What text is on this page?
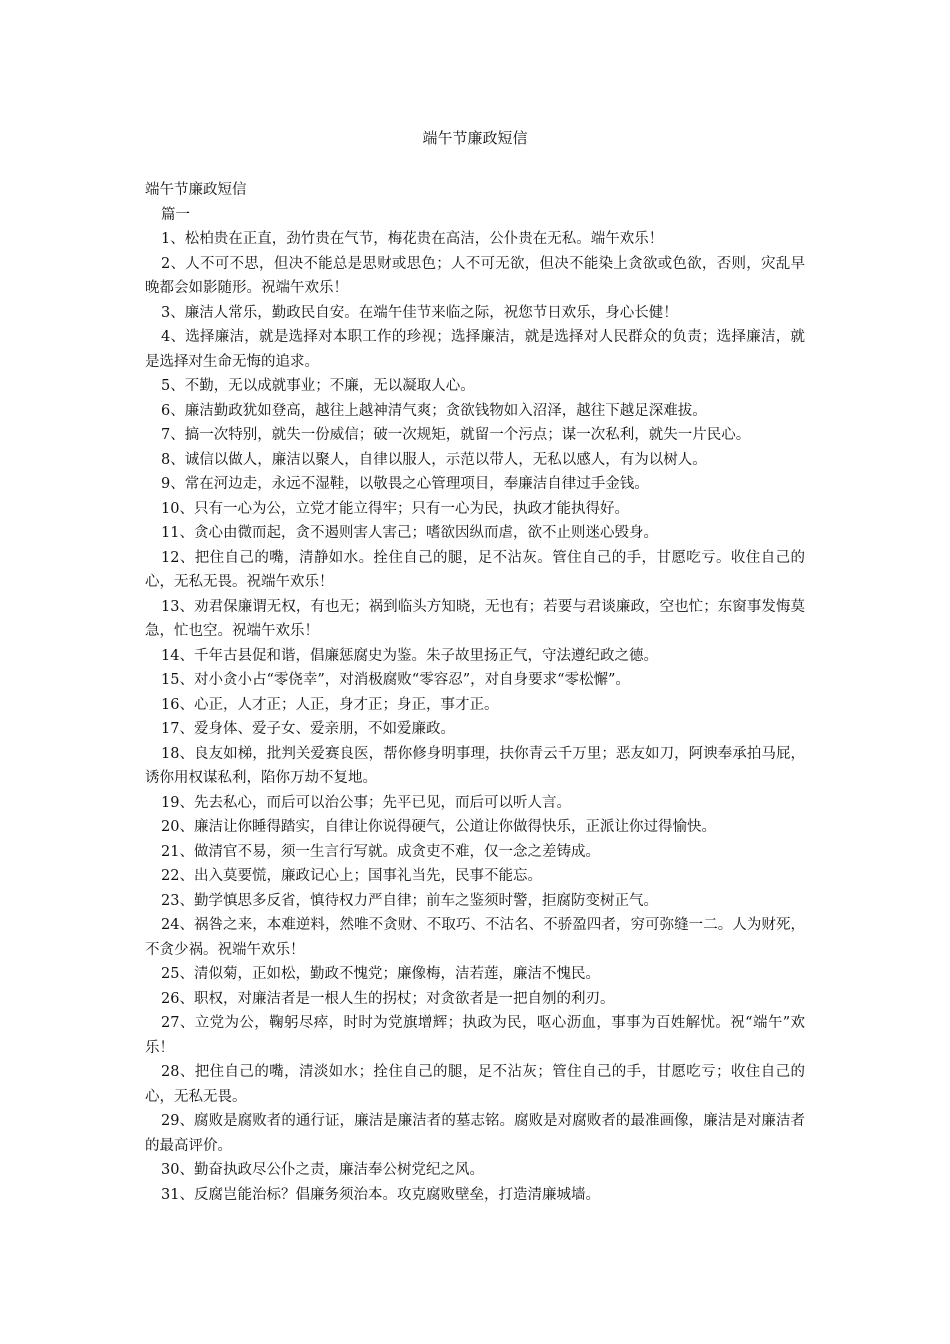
端午节廉政短信

端午节廉政短信

篇一

1、松柏贵在正直，劲竹贵在气节，梅花贵在高洁，公仆贵在无私。端午欢乐！

2、人不可不思，但决不能总是思财或思色；人不可无欲，但决不能染上贪欲或色欲，否则，灾乱早晚都会如影随形。祝端午欢乐！

3、廉洁人常乐，勤政民自安。在端午佳节来临之际，祝您节日欢乐，身心长健！

4、选择廉洁，就是选择对本职工作的珍视；选择廉洁，就是选择对人民群众的负责；选择廉洁，就是选择对生命无悔的追求。

5、不勤，无以成就事业；不廉，无以凝取人心。

6、廉洁勤政犹如登高，越往上越神清气爽；贪欲钱物如入沼泽，越往下越足深难拔。

7、搞一次特别，就失一份威信；破一次规矩，就留一个污点；谋一次私利，就失一片民心。

8、诚信以做人，廉洁以聚人，自律以服人，示范以带人，无私以感人，有为以树人。

9、常在河边走，永远不湿鞋，以敬畏之心管理项目，奉廉洁自律过手金钱。

10、只有一心为公，立党才能立得牢；只有一心为民，执政才能执得好。

11、贪心由微而起，贪不遏则害人害己；嗜欲因纵而虐，欲不止则迷心毁身。

12、把住自己的嘴，清静如水。拴住自己的腿，足不沾灰。管住自己的手，甘愿吃亏。收住自己的心，无私无畏。祝端午欢乐！

13、劝君保廉谓无权，有也无；祸到临头方知晓，无也有；若要与君谈廉政，空也忙；东窗事发悔莫急，忙也空。祝端午欢乐！

14、千年古县促和谐，倡廉惩腐史为鉴。朱子故里扬正气，守法遵纪政之德。

15、对小贪小占“零侥幸”，对消极腐败“零容忍”，对自身要求“零松懈”。

16、心正，人才正；人正，身才正；身正，事才正。

17、爱身体、爱子女、爱亲朋，不如爱廉政。

18、良友如梯，批判关爱赛良医，帮你修身明事理，扶你青云千万里；恶友如刀，阿谀奉承拍马屁，诱你用权谋私利，陷你万劫不复地。

19、先去私心，而后可以治公事；先平已见，而后可以听人言。

20、廉洁让你睡得踏实，自律让你说得硬气，公道让你做得快乐，正派让你过得愉快。

21、做清官不易，须一生言行写就。成贪吏不难，仅一念之差铸成。

22、出入莫要慌，廉政记心上；国事礼当先，民事不能忘。

23、勤学慎思多反省，慎待权力严自律；前车之鉴须时警，拒腐防变树正气。

24、祸咎之来，本难逆料，然唯不贪财、不取巧、不沽名、不骄盈四者，穷可弥缝一二。人为财死，不贪少祸。祝端午欢乐！

25、清似菊，正如松，勤政不愧党；廉像梅，洁若莲，廉洁不愧民。

26、职权，对廉洁者是一根人生的拐杖；对贪欲者是一把自刎的利刃。

27、立党为公，鞠躬尽瘁，时时为党旗增辉；执政为民，呕心沥血，事事为百姓解忧。祝“端午”欢乐！

28、把住自己的嘴，清淡如水；拴住自己的腿，足不沾灰；管住自己的手，甘愿吃亏；收住自己的心，无私无畏。

29、腐败是腐败者的通行证，廉洁是廉洁者的墓志铭。腐败是对腐败者的最准画像，廉洁是对廉洁者的最高评价。

30、勤奋执政尽公仆之责，廉洁奉公树党纪之风。

31、反腐岂能治标？倡廉务须治本。攻克腐败壁垒，打造清廉城墙。
